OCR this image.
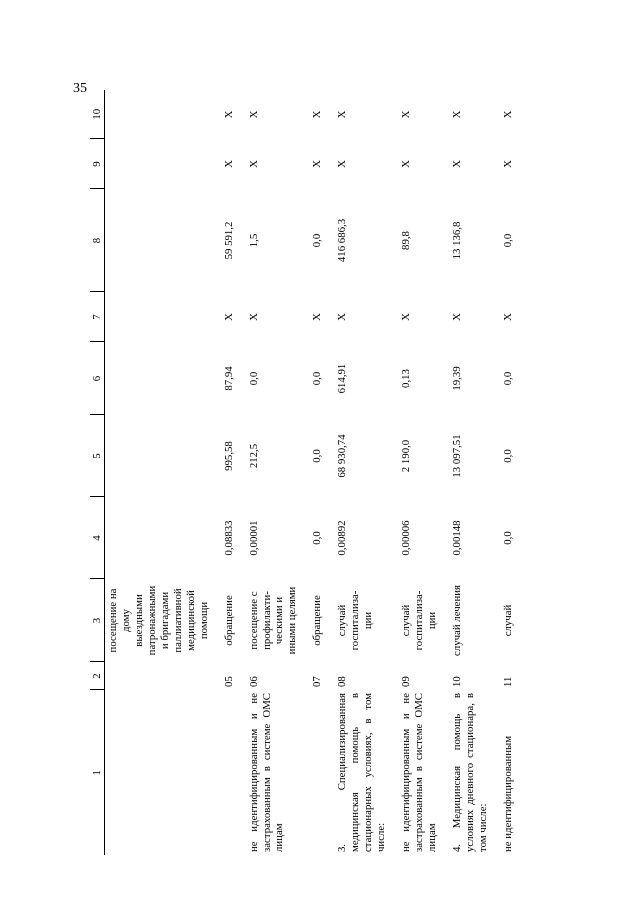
35
1	2	3	4	5	6	7	8	9	10
		посещение на дому выездными патронажными и бригадами паллиативной медицинской помощи							
	05	обращение	0,08833	995,58	87,94	Х	59 591,2	Х	Х
не идентифицированным и не застрахованным в системе ОМС лицам	06	посещение с профилакти-ческими и иными целями	0,00001	212,5	0,0	Х	1,5	Х	Х
	07	обращение	0,0	0,0	0,0	Х	0,0	Х	Х
3. Специализированная медицинская помощь в стационарных условиях, в том числе:	08	случай госпитализа-ции	0,00892	68 930,74	614,91	Х	416 686,3	Х	Х
не идентифицированным и не застрахованным в системе ОМС лицам	09	случай госпитализа-ции	0,00006	2 190,0	0,13	Х	89,8	Х	Х
4. Медицинская помощь в условиях дневного стационара, в том числе:	10	случай лечения	0,00148	13 097,51	19,39	Х	13 136,8	Х	Х
не идентифицированным	11	случай	0,0	0,0	0,0	Х	0,0	Х	Х
